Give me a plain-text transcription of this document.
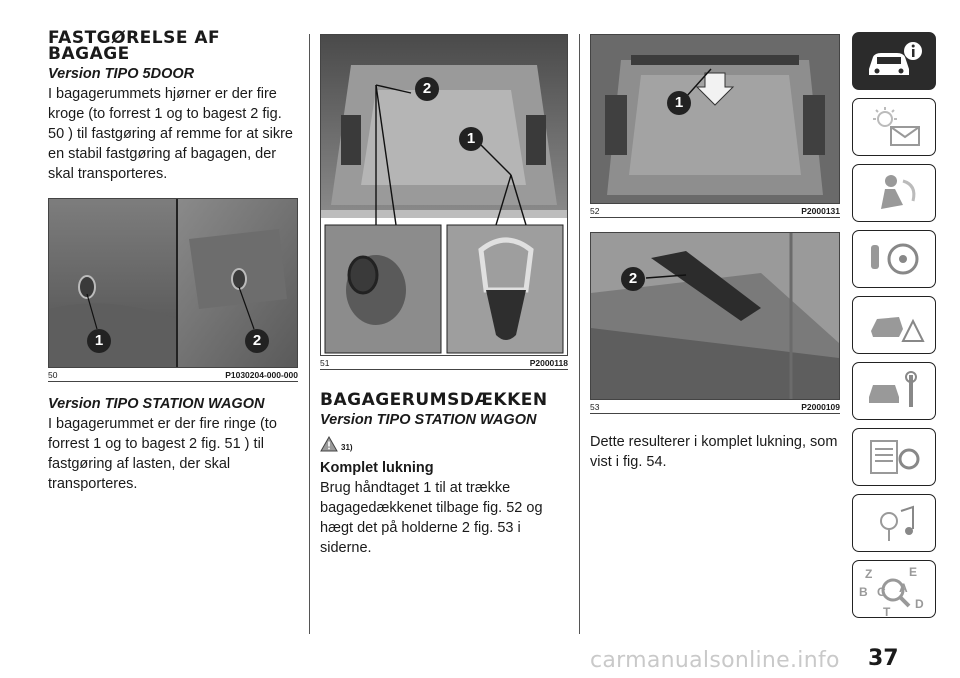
FASTGØRELSE AF BAGAGE
Version TIPO 5DOOR

I bagagerummets hjørner er der fire kroge (to forrest 1 og to bagest 2 fig. 50 ) til fastgøring af remme for at sikre en stabil fastgøring af bagagen, der skal transporteres.

1	2
50	P1030204-000-000
Version TIPO STATION WAGON

I bagagerummet er der fire ringe (to forrest 1 og to bagest 2 fig. 51 ) til fastgøring af lasten, der skal transporteres.

2
1
51	P2000118
BAGAGERUMSDÆKKEN
Version TIPO STATION WAGON
31)
Komplet lukning

Brug håndtaget 1 til at trække bagagedækkenet tilbage fig. 52 og hægt det på holderne 2 fig. 53 i siderne.

1
52	P2000131
2
53	P2000109

Dette resulterer i komplet lukning, som vist i fig. 54.

Z	E
B	A
C
D
T
37
carmanualsonline.info
